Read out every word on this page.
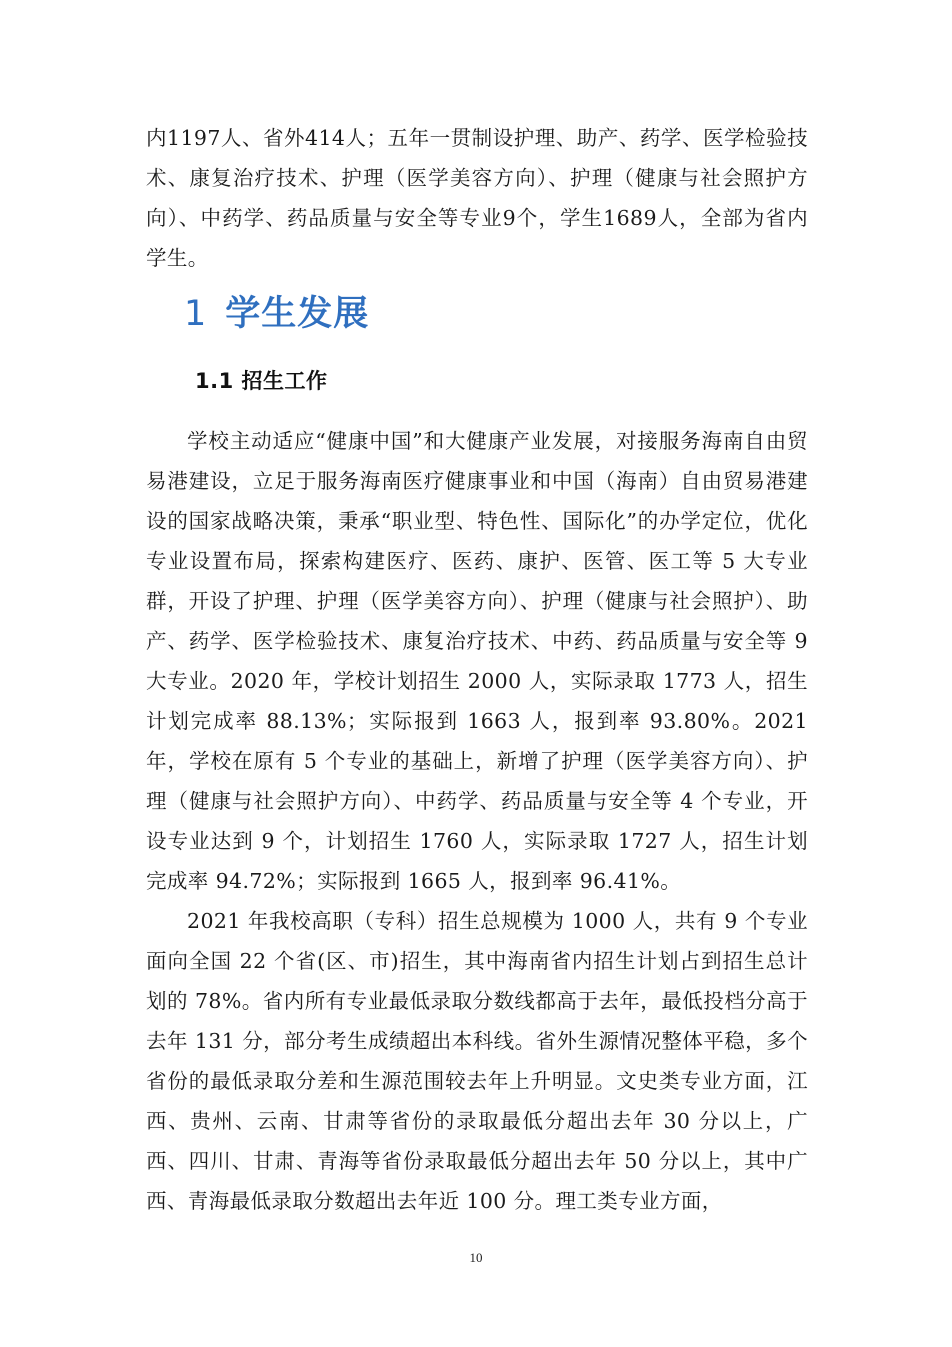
内1197人、省外414人；五年一贯制设护理、助产、药学、医学检验技术、康复治疗技术、护理（医学美容方向）、护理（健康与社会照护方向）、中药学、药品质量与安全等专业9个，学生1689人，全部为省内学生。

1 学生发展
1.1 招生工作

学校主动适应“健康中国”和大健康产业发展，对接服务海南自由贸易港建设，立足于服务海南医疗健康事业和中国（海南）自由贸易港建设的国家战略决策，秉承“职业型、特色性、国际化”的办学定位，优化专业设置布局，探索构建医疗、医药、康护、医管、医工等 5 大专业群，开设了护理、护理（医学美容方向）、护理（健康与社会照护）、助产、药学、医学检验技术、康复治疗技术、中药、药品质量与安全等 9 大专业。2020 年，学校计划招生 2000 人，实际录取 1773 人，招生计划完成率 88.13%；实际报到 1663 人，报到率 93.80%。2021 年，学校在原有 5 个专业的基础上，新增了护理（医学美容方向）、护理（健康与社会照护方向）、中药学、药品质量与安全等 4 个专业，开设专业达到 9 个，计划招生 1760 人，实际录取 1727 人，招生计划完成率 94.72%；实际报到 1665 人，报到率 96.41%。

2021 年我校高职（专科）招生总规模为 1000 人，共有 9 个专业面向全国 22 个省(区、市)招生，其中海南省内招生计划占到招生总计划的 78%。省内所有专业最低录取分数线都高于去年，最低投档分高于去年 131 分，部分考生成绩超出本科线。省外生源情况整体平稳，多个省份的最低录取分差和生源范围较去年上升明显。文史类专业方面，江西、贵州、云南、甘肃等省份的录取最低分超出去年 30 分以上，广西、四川、甘肃、青海等省份录取最低分超出去年 50 分以上，其中广西、青海最低录取分数超出去年近 100 分。理工类专业方面，

10
